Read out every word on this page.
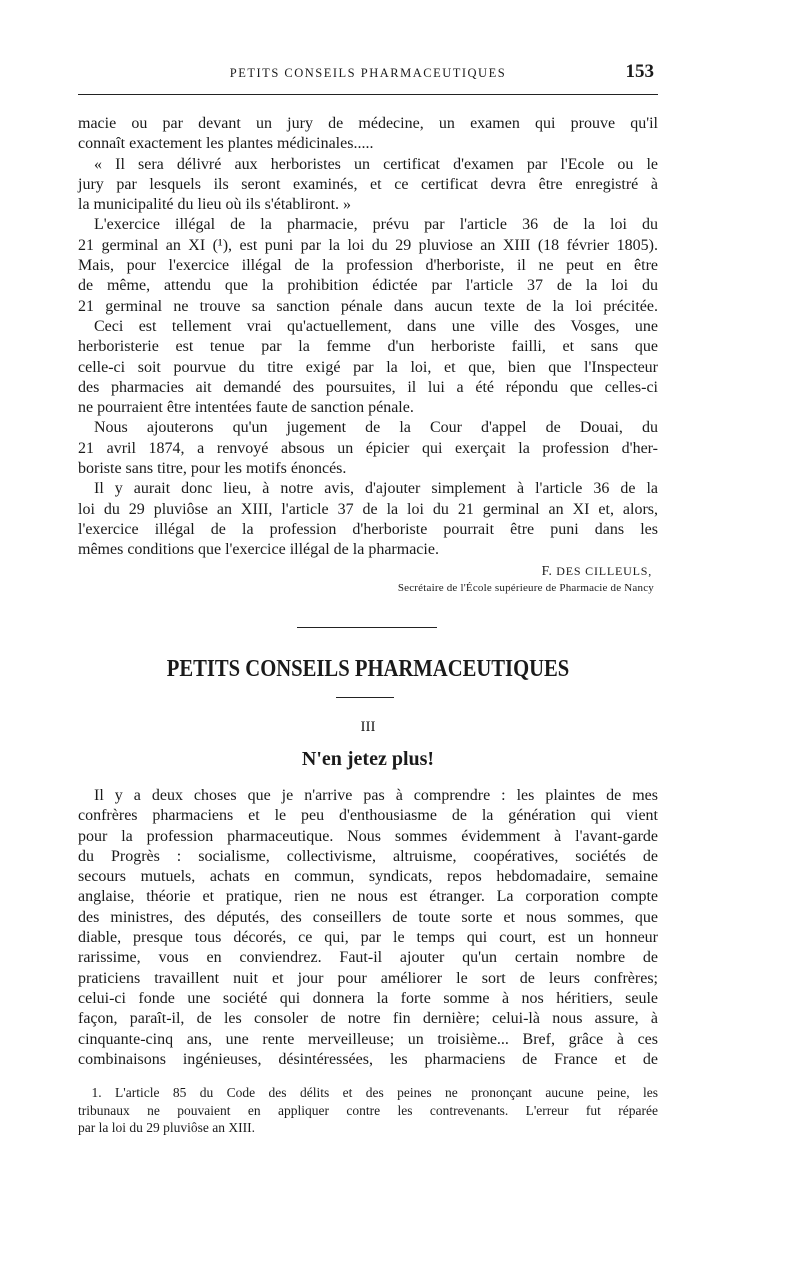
PETITS CONSEILS PHARMACEUTIQUES	153
macie ou par devant un jury de médecine, un examen qui prouve qu'il
connaît exactement les plantes médicinales.....
« Il sera délivré aux herboristes un certificat d'examen par l'Ecole ou le
jury par lesquels ils seront examinés, et ce certificat devra être enregistré à
la municipalité du lieu où ils s'établiront. »
L'exercice illégal de la pharmacie, prévu par l'article 36 de la loi du
21 germinal an XI (¹), est puni par la loi du 29 pluviose an XIII (18 février 1805).
Mais, pour l'exercice illégal de la profession d'herboriste, il ne peut en être
de même, attendu que la prohibition édictée par l'article 37 de la loi du
21 germinal ne trouve sa sanction pénale dans aucun texte de la loi précitée.
Ceci est tellement vrai qu'actuellement, dans une ville des Vosges, une
herboristerie est tenue par la femme d'un herboriste failli, et sans que
celle-ci soit pourvue du titre exigé par la loi, et que, bien que l'Inspecteur
des pharmacies ait demandé des poursuites, il lui a été répondu que celles-ci
ne pourraient être intentées faute de sanction pénale.
Nous ajouterons qu'un jugement de la Cour d'appel de Douai, du
21 avril 1874, a renvoyé absous un épicier qui exerçait la profession d'her-
boriste sans titre, pour les motifs énoncés.
Il y aurait donc lieu, à notre avis, d'ajouter simplement à l'article 36 de la
loi du 29 pluviôse an XIII, l'article 37 de la loi du 21 germinal an XI et, alors,
l'exercice illégal de la profession d'herboriste pourrait être puni dans les
mêmes conditions que l'exercice illégal de la pharmacie.
F. DES CILLEULS,
Secrétaire de l'École supérieure de Pharmacie de Nancy
PETITS CONSEILS PHARMACEUTIQUES
III
N'en jetez plus!
Il y a deux choses que je n'arrive pas à comprendre : les plaintes de mes
confrères pharmaciens et le peu d'enthousiasme de la génération qui vient
pour la profession pharmaceutique. Nous sommes évidemment à l'avant-garde
du Progrès : socialisme, collectivisme, altruisme, coopératives, sociétés de
secours mutuels, achats en commun, syndicats, repos hebdomadaire, semaine
anglaise, théorie et pratique, rien ne nous est étranger. La corporation compte
des ministres, des députés, des conseillers de toute sorte et nous sommes, que
diable, presque tous décorés, ce qui, par le temps qui court, est un honneur
rarissime, vous en conviendrez. Faut-il ajouter qu'un certain nombre de
praticiens travaillent nuit et jour pour améliorer le sort de leurs confrères;
celui-ci fonde une société qui donnera la forte somme à nos héritiers, seule
façon, paraît-il, de les consoler de notre fin dernière; celui-là nous assure, à
cinquante-cinq ans, une rente merveilleuse; un troisième... Bref, grâce à ces
combinaisons ingénieuses, désintéressées, les pharmaciens de France et de
1. L'article 85 du Code des délits et des peines ne prononçant aucune peine, les
tribunaux ne pouvaient en appliquer contre les contrevenants. L'erreur fut réparée
par la loi du 29 pluviôse an XIII.
